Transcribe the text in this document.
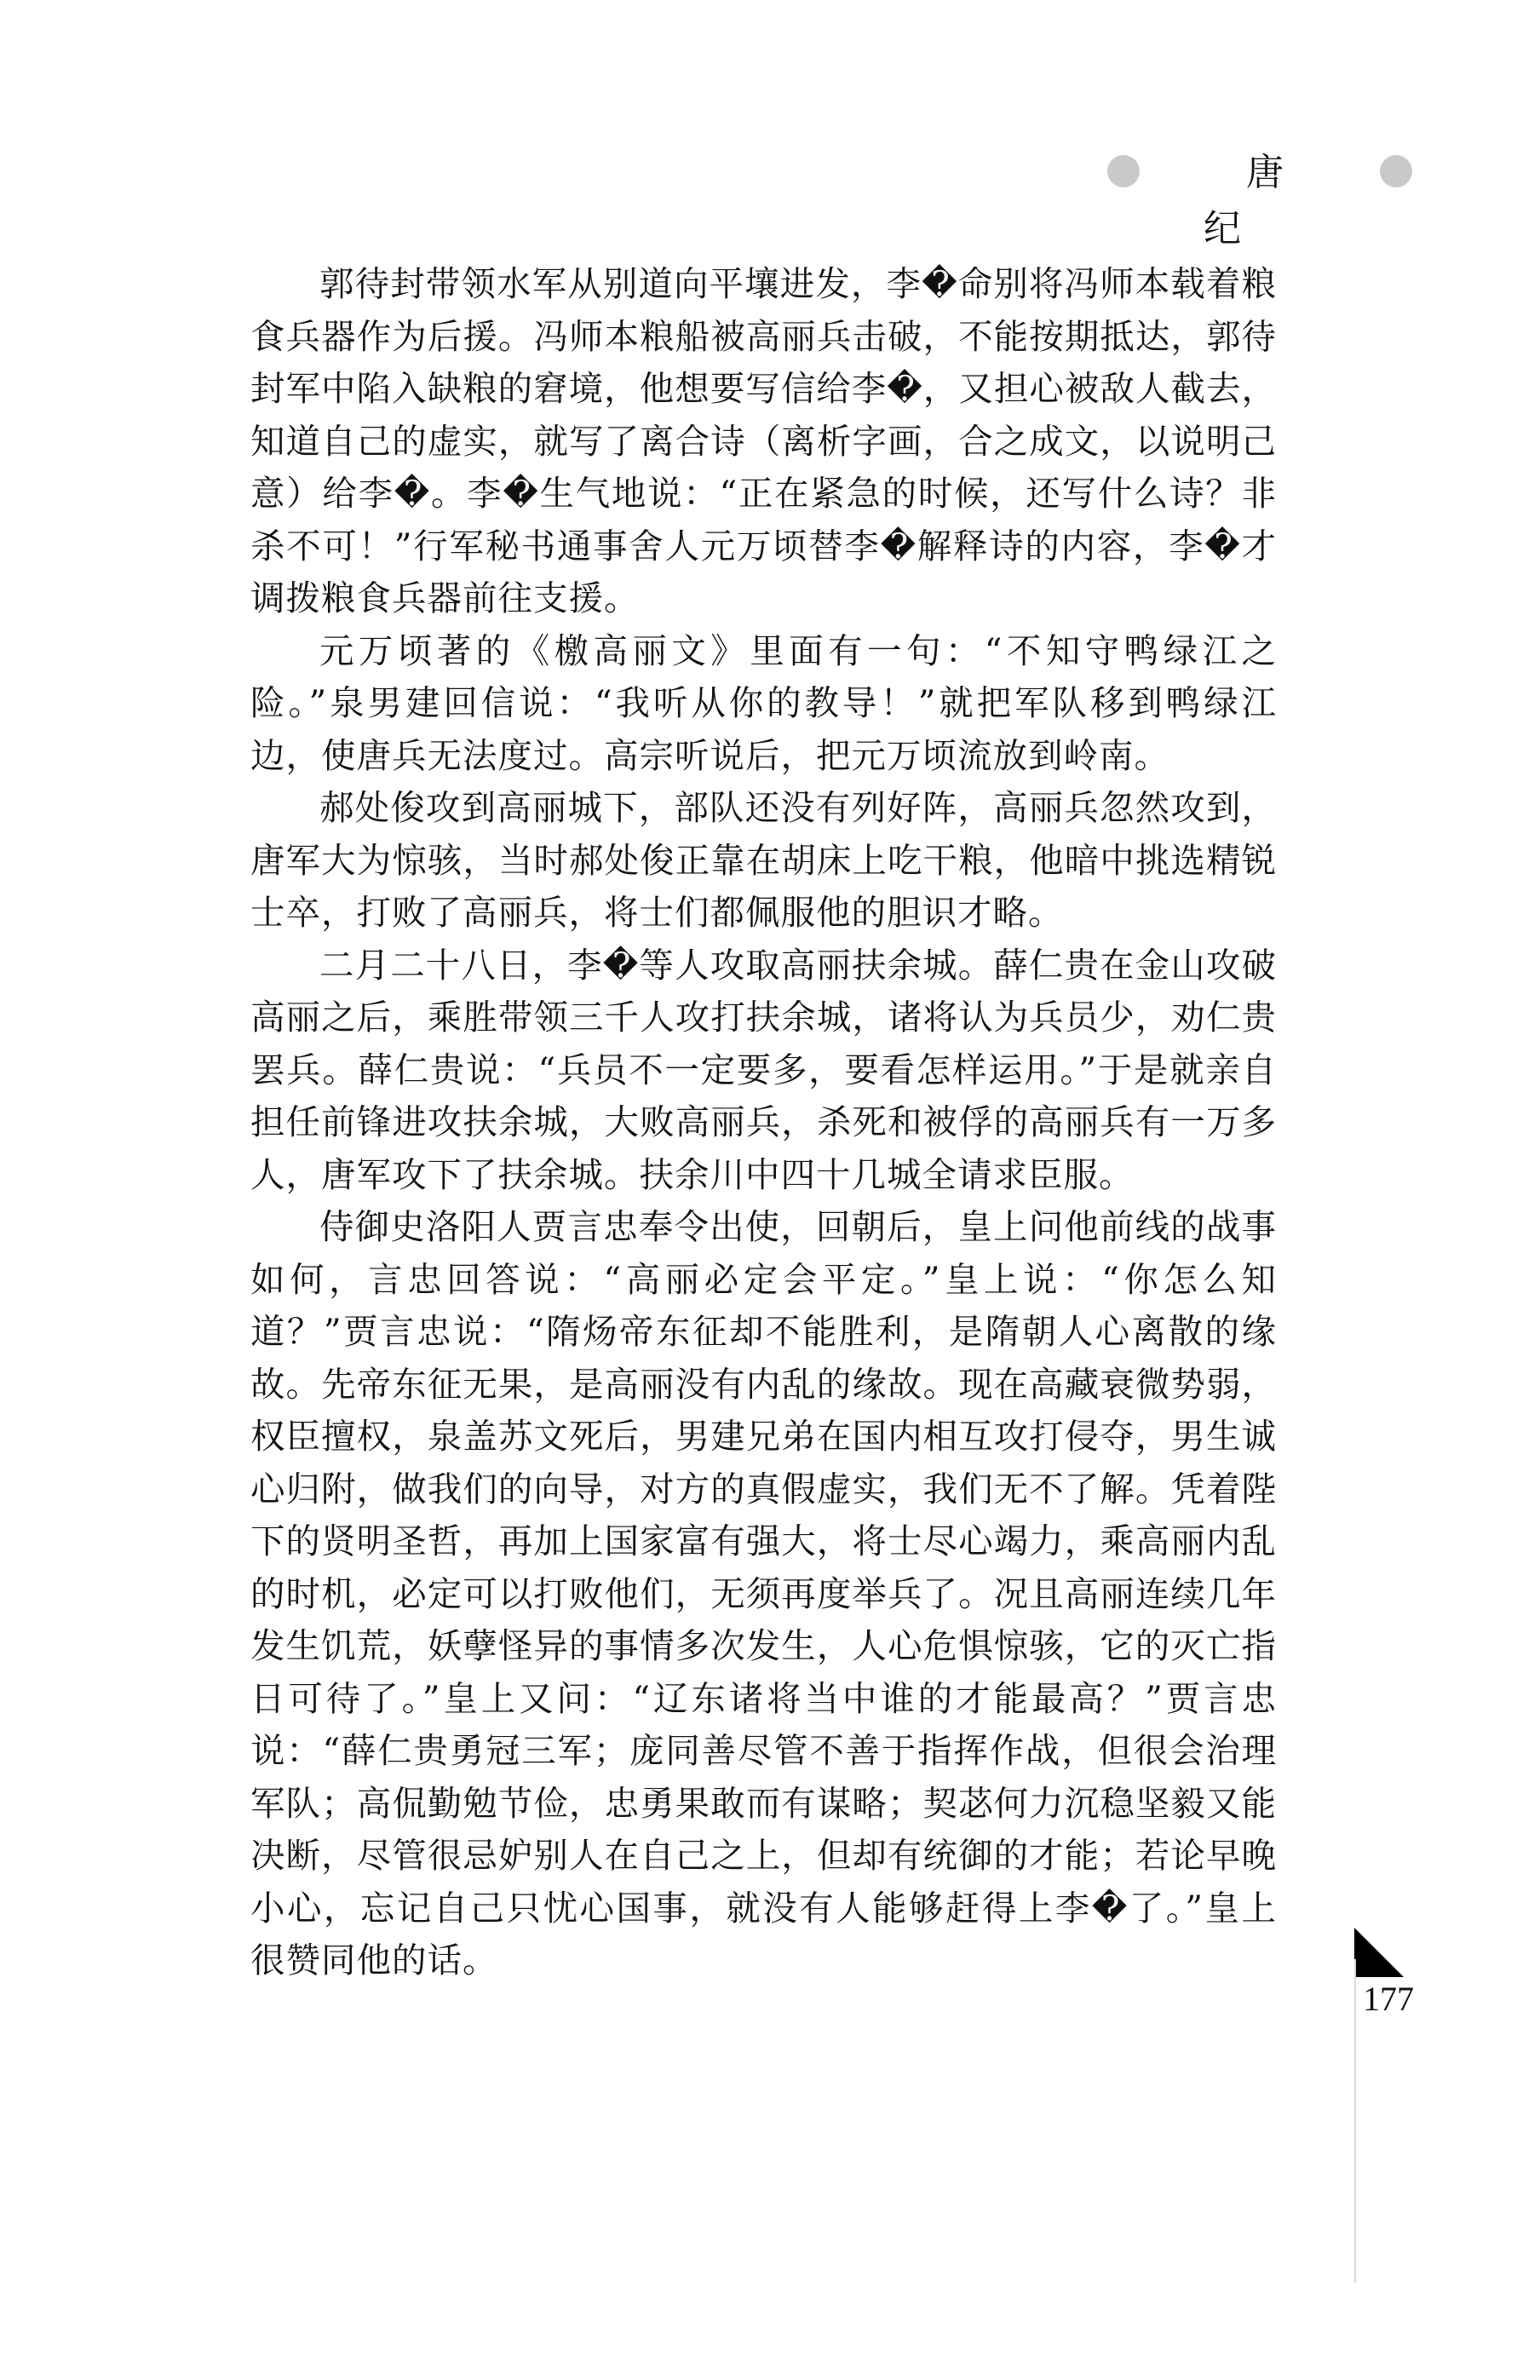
唐 纪

郭待封带领水军从别道向平壤进发，李�命别将冯师本载着粮食兵器作为后援。冯师本粮船被高丽兵击破，不能按期抵达，郭待封军中陷入缺粮的窘境，他想要写信给李�，又担心被敌人截去，知道自己的虚实，就写了离合诗（离析字画，合之成文，以说明己意）给李�。李�生气地说：“正在紧急的时候，还写什么诗？非杀不可！”行军秘书通事舍人元万顷替李�解释诗的内容，李�才调拨粮食兵器前往支援。

元万顷著的《檄高丽文》里面有一句：“不知守鸭绿江之险。”泉男建回信说：“我听从你的教导！”就把军队移到鸭绿江边，使唐兵无法度过。高宗听说后，把元万顷流放到岭南。

郝处俊攻到高丽城下，部队还没有列好阵，高丽兵忽然攻到，唐军大为惊骇，当时郝处俊正靠在胡床上吃干粮，他暗中挑选精锐士卒，打败了高丽兵，将士们都佩服他的胆识才略。

二月二十八日，李�等人攻取高丽扶余城。薛仁贵在金山攻破高丽之后，乘胜带领三千人攻打扶余城，诸将认为兵员少，劝仁贵罢兵。薛仁贵说：“兵员不一定要多，要看怎样运用。”于是就亲自担任前锋进攻扶余城，大败高丽兵，杀死和被俘的高丽兵有一万多人，唐军攻下了扶余城。扶余川中四十几城全请求臣服。

侍御史洛阳人贾言忠奉令出使，回朝后，皇上问他前线的战事如何，言忠回答说：“高丽必定会平定。”皇上说：“你怎么知道？”贾言忠说：“隋炀帝东征却不能胜利，是隋朝人心离散的缘故。先帝东征无果，是高丽没有内乱的缘故。现在高藏衰微势弱，权臣擅权，泉盖苏文死后，男建兄弟在国内相互攻打侵夺，男生诚心归附，做我们的向导，对方的真假虚实，我们无不了解。凭着陛下的贤明圣哲，再加上国家富有强大，将士尽心竭力，乘高丽内乱的时机，必定可以打败他们，无须再度举兵了。况且高丽连续几年发生饥荒，妖孽怪异的事情多次发生，人心危惧惊骇，它的灭亡指日可待了。”皇上又问：“辽东诸将当中谁的才能最高？”贾言忠说：“薛仁贵勇冠三军；庞同善尽管不善于指挥作战，但很会治理军队；高侃勤勉节俭，忠勇果敢而有谋略；契苾何力沉稳坚毅又能决断，尽管很忌妒别人在自己之上，但却有统御的才能；若论早晚小心，忘记自己只忧心国事，就没有人能够赶得上李�了。”皇上很赞同他的话。

177
